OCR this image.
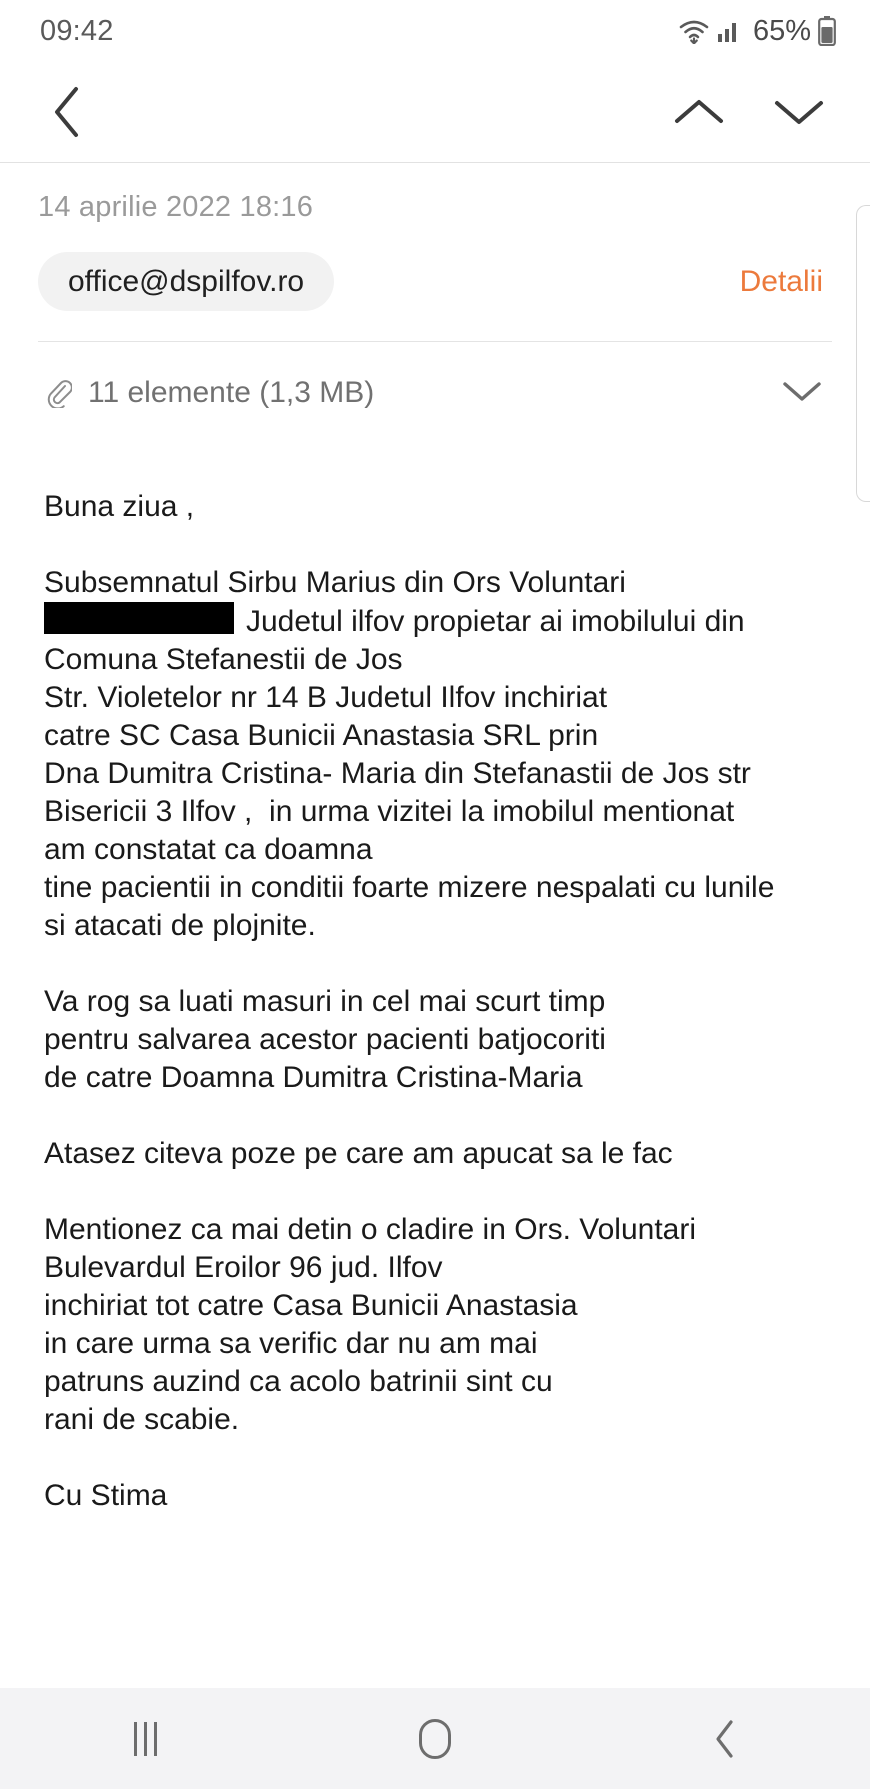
09:42	65%
14 aprilie 2022 18:16
office@dspilfov.ro	Detalii
11 elemente (1,3 MB)
Buna ziua ,
Subsemnatul Sirbu Marius din Ors Voluntari
Judetul ilfov propietar ai imobilului din
Comuna Stefanestii de Jos
Str. Violetelor nr 14 B Judetul Ilfov inchiriat
catre SC Casa Bunicii Anastasia SRL prin
Dna Dumitra Cristina- Maria din Stefanastii de Jos str
Bisericii 3 Ilfov ,  in urma vizitei la imobilul mentionat
am constatat ca doamna
tine pacientii in conditii foarte mizere nespalati cu lunile
si atacati de plojnite.
Va rog sa luati masuri in cel mai scurt timp
pentru salvarea acestor pacienti batjocoriti
de catre Doamna Dumitra Cristina-Maria
Atasez citeva poze pe care am apucat sa le fac
Mentionez ca mai detin o cladire in Ors. Voluntari
Bulevardul Eroilor 96 jud. Ilfov
inchiriat tot catre Casa Bunicii Anastasia
in care urma sa verific dar nu am mai
patruns auzind ca acolo batrinii sint cu
rani de scabie.
Cu Stima
